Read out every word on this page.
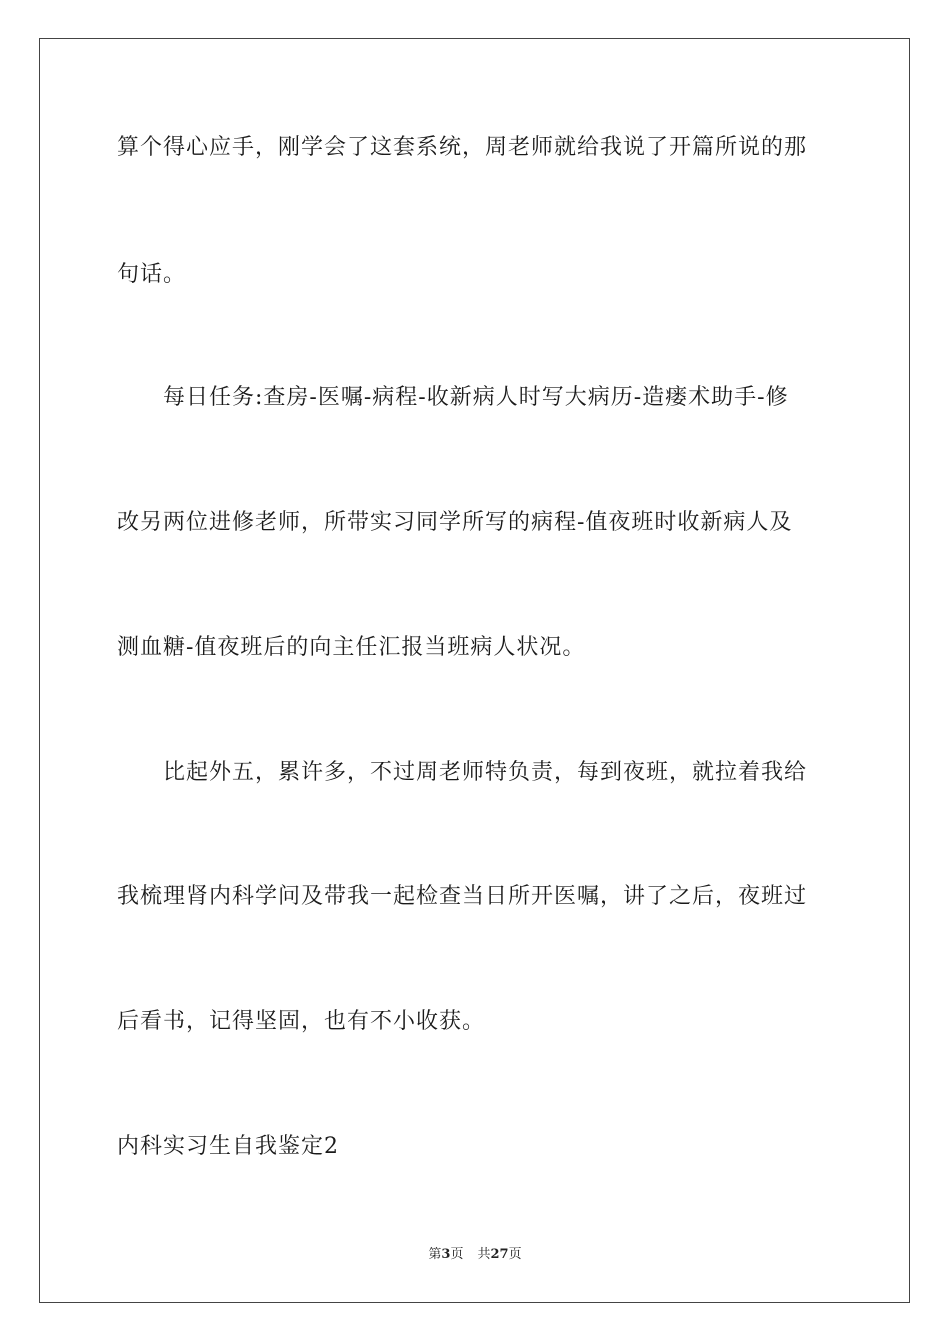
算个得心应手，刚学会了这套系统，周老师就给我说了开篇所说的那
句话。
每日任务:查房-医嘱-病程-收新病人时写大病历-造瘘术助手-修
改另两位进修老师，所带实习同学所写的病程-值夜班时收新病人及
测血糖-值夜班后的向主任汇报当班病人状况。
比起外五，累许多，不过周老师特负责，每到夜班，就拉着我给
我梳理肾内科学问及带我一起检查当日所开医嘱，讲了之后，夜班过
后看书，记得坚固，也有不小收获。
内科实习生自我鉴定2
第3页 共27页
